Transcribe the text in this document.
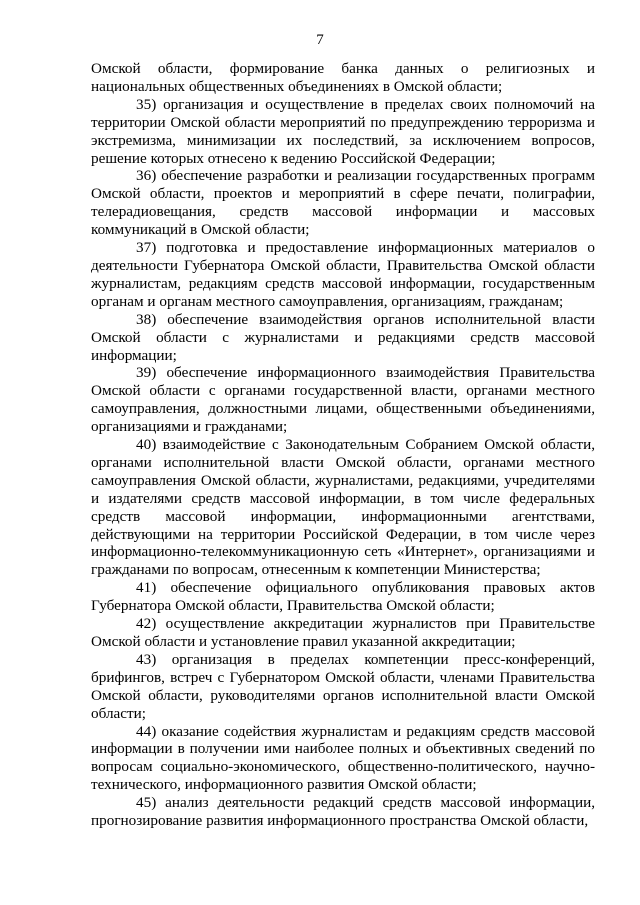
7

Омской области, формирование банка данных о религиозных и национальных общественных объединениях в Омской области;

35) организация и осуществление в пределах своих полномочий на территории Омской области мероприятий по предупреждению терроризма и экстремизма, минимизации их последствий, за исключением вопросов, решение которых отнесено к ведению Российской Федерации;

36) обеспечение разработки и реализации государственных программ Омской области, проектов и мероприятий в сфере печати, полиграфии, телерадиовещания, средств массовой информации и массовых коммуникаций в Омской области;

37) подготовка и предоставление информационных материалов о деятельности Губернатора Омской области, Правительства Омской области журналистам, редакциям средств массовой информации, государственным органам и органам местного самоуправления, организациям, гражданам;

38) обеспечение взаимодействия органов исполнительной власти Омской области с журналистами и редакциями средств массовой информации;

39) обеспечение информационного взаимодействия Правительства Омской области с органами государственной власти, органами местного самоуправления, должностными лицами, общественными объединениями, организациями и гражданами;

40) взаимодействие с Законодательным Собранием Омской области, органами исполнительной власти Омской области, органами местного самоуправления Омской области, журналистами, редакциями, учредителями и издателями средств массовой информации, в том числе федеральных средств массовой информации, информационными агентствами, действующими на территории Российской Федерации, в том числе через информационно-телекоммуникационную сеть «Интернет», организациями и гражданами по вопросам, отнесенным к компетенции Министерства;

41) обеспечение официального опубликования правовых актов Губернатора Омской области, Правительства Омской области;

42) осуществление аккредитации журналистов при Правительстве Омской области и установление правил указанной аккредитации;

43) организация в пределах компетенции пресс-конференций, брифингов, встреч с Губернатором Омской области, членами Правительства Омской области, руководителями органов исполнительной власти Омской области;

44) оказание содействия журналистам и редакциям средств массовой информации в получении ими наиболее полных и объективных сведений по вопросам социально-экономического, общественно-политического, научно-технического, информационного развития Омской области;

45) анализ деятельности редакций средств массовой информации, прогнозирование развития информационного пространства Омской области,
